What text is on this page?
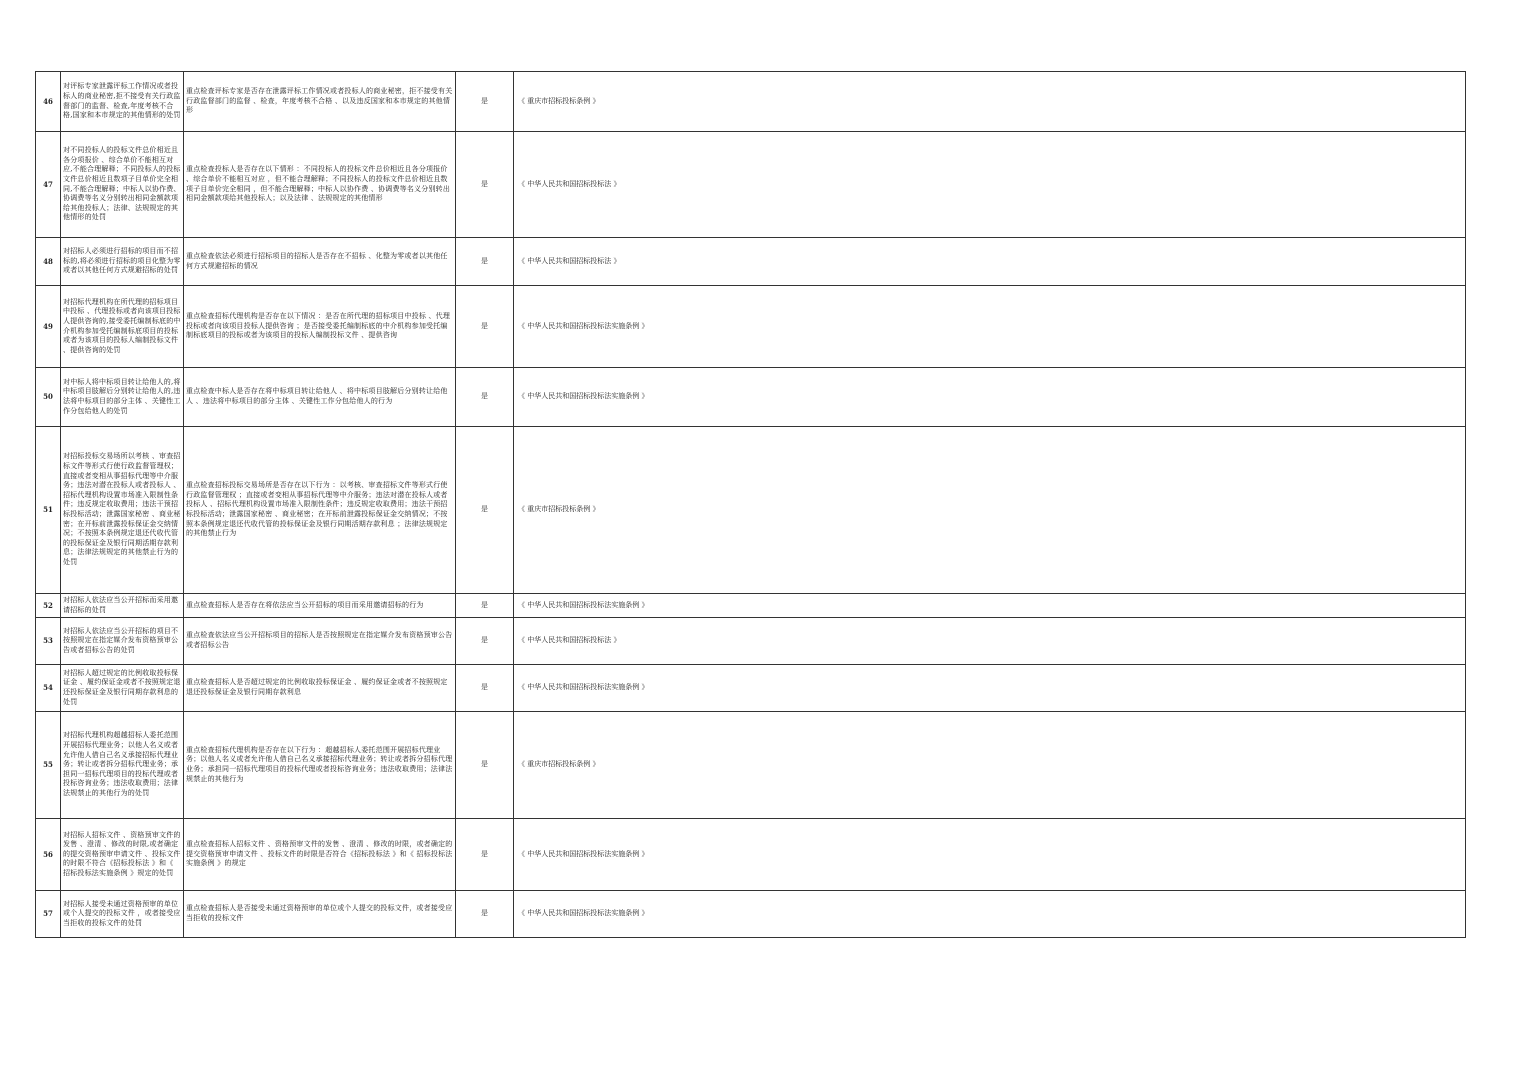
46	对评标专家泄露评标工作情况或者投标人的商业秘密,拒不接受有关行政监督部门的监督、检查,年度考核不合格,国家和本市规定的其他情形的处罚	重点检查评标专家是否存在泄露评标工作情况或者投标人的商业秘密，拒不接受有关行政监督部门的监督 、检查，年度考核不合格 、以及违反国家和本市规定的其他情形	是	《 重庆市招标投标条例 》
47	对不同投标人的投标文件总价相近且各分项报价 、综合单价不能相互对应,不能合理解释；不同投标人的投标文件总价相近且数项子目单价完全相同,不能合理解释；中标人以协作费、协调费等名义分别转出相同金额款项给其他投标人；法律、法规规定的其他情形的处罚	重点检查投标人是否存在以下情形 ：不同投标人的投标文件总价相近且各分项报价 、综合单价不能相互对应 ，但不能合理解释；不同投标人的投标文件总价相近且数项子目单价完全相同 ，但不能合理解释；中标人以协作费 、协调费等名义分别转出相同金额款项给其他投标人；以及法律 、法规规定的其他情形	是	《 中华人民共和国招标投标法 》
48	对招标人必须进行招标的项目而不招标的,将必须进行招标的项目化整为零或者以其他任何方式规避招标的处罚	重点检查依法必须进行招标项目的招标人是否存在不招标 、化整为零或者以其他任何方式规避招标的情况	是	《 中华人民共和国招标投标法 》
49	对招标代理机构在所代理的招标项目中投标 、代理投标或者向该项目投标人提供咨询的,接受委托编制标底的中介机构参加受托编制标底项目的投标或者为该项目的投标人编制投标文件 、提供咨询的处罚	重点检查招标代理机构是否存在以下情况 ：是否在所代理的招标项目中投标 、代理投标或者向该项目投标人提供咨询 ；是否接受委托编制标底的中介机构参加受托编制标底项目的投标或者为该项目的投标人编制投标文件 、提供咨询	是	《 中华人民共和国招标投标法实施条例 》
50	对中标人将中标项目转让给他人的,将中标项目肢解后分别转让给他人的,违法将中标项目的部分主体 、关键性工作分包给他人的处罚	重点检查中标人是否存在将中标项目转让给他人 、将中标项目肢解后分别转让给他人 、违法将中标项目的部分主体 、关键性工作分包给他人的行为	是	《 中华人民共和国招标投标法实施条例 》
51	对招标投标交易场所以考核 、审查招标文件等形式行使行政监督管理权；直接或者变相从事招标代理等中介服务；违法对潜在投标人或者投标人 、招标代理机构设置市场准入限制性条件；违反规定收取费用；违法干预招标投标活动；泄露国家秘密 、商业秘密；在开标前泄露投标保证金交纳情况；不按照本条例规定退还代收代管的投标保证金及银行同期活期存款利息；法律法规规定的其他禁止行为的处罚	重点检查招标投标交易场所是否存在以下行为 ：以考核、审查招标文件等形式行使行政监督管理权 ；直接或者变相从事招标代理等中介服务；违法对潜在投标人或者投标人 、招标代理机构设置市场准入限制性条件；违反规定收取费用；违法干预招标投标活动；泄露国家秘密 、商业秘密；在开标前泄露投标保证金交纳情况；不按照本条例规定退还代收代管的投标保证金及银行同期活期存款利息 ；法律法规规定的其他禁止行为	是	《 重庆市招标投标条例 》
52	对招标人依法应当公开招标而采用邀请招标的处罚	重点检查招标人是否存在将依法应当公开招标的项目而采用邀请招标的行为	是	《 中华人民共和国招标投标法实施条例 》
53	对招标人依法应当公开招标的项目不按照规定在指定媒介发布资格预审公告或者招标公告的处罚	重点检查依法应当公开招标项目的招标人是否按照规定在指定媒介发布资格预审公告或者招标公告	是	《 中华人民共和国招标投标法 》
54	对招标人超过规定的比例收取投标保证金 、履约保证金或者不按照规定退还投标保证金及银行同期存款利息的处罚	重点检查招标人是否超过规定的比例收取投标保证金 、履约保证金或者不按照规定退还投标保证金及银行同期存款利息	是	《 中华人民共和国招标投标法实施条例 》
55	对招标代理机构超越招标人委托范围开展招标代理业务；以他人名义或者允许他人借自己名义承接招标代理业务；转让或者拆分招标代理业务；承担同一招标代理项目的投标代理或者投标咨询业务；违法收取费用；法律法规禁止的其他行为的处罚	重点检查招标代理机构是否存在以下行为 ：超越招标人委托范围开展招标代理业务；以他人名义或者允许他人借自己名义承接招标代理业务；转让或者拆分招标代理业务；承担同一招标代理项目的投标代理或者投标咨询业务；违法收取费用；法律法规禁止的其他行为	是	《 重庆市招标投标条例 》
56	对招标人招标文件 、资格预审文件的发售 、澄清 、修改的时限,或者确定的提交资格预审申请文件 、投标文件的时限不符合《招标投标法 》和《 招标投标法实施条例 》规定的处罚	重点检查招标人招标文件 、资格预审文件的发售 、澄清 、修改的时限，或者确定的提交资格预审申请文件 、投标文件的时限是否符合《招标投标法 》和《 招标投标法实施条例 》的规定	是	《 中华人民共和国招标投标法实施条例 》
57	对招标人接受未通过资格预审的单位或个人提交的投标文件 ，或者接受应当拒收的投标文件的处罚	重点检查招标人是否接受未通过资格预审的单位或个人提交的投标文件，或者接受应当拒收的投标文件	是	《 中华人民共和国招标投标法实施条例 》
